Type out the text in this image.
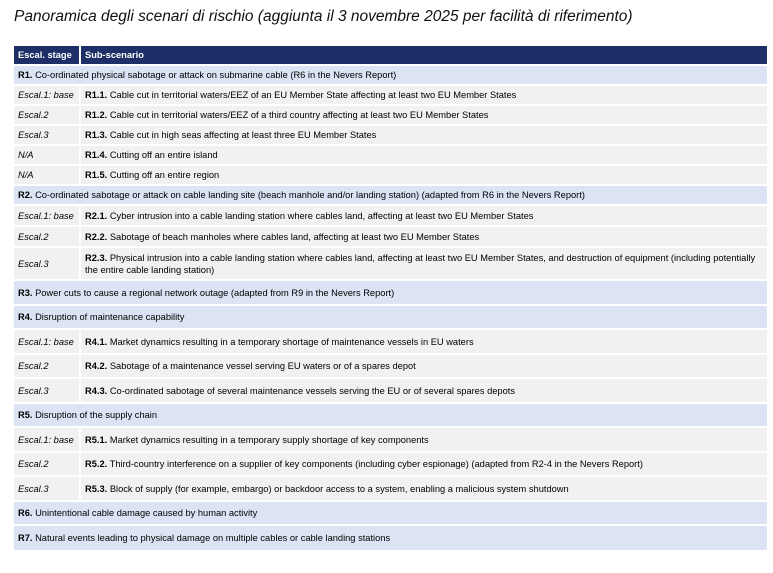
Panoramica degli scenari di rischio (aggiunta il 3 novembre 2025 per facilità di riferimento)
Escal. stage	Sub-scenario
R1. Co-ordinated physical sabotage or attack on submarine cable (R6 in the Nevers Report)	
Escal.1: base	R1.1. Cable cut in territorial waters/EEZ of an EU Member State affecting at least two EU Member States
Escal.2	R1.2. Cable cut in territorial waters/EEZ of a third country affecting at least two EU Member States
Escal.3	R1.3. Cable cut in high seas affecting at least three EU Member States
N/A	R1.4. Cutting off an entire island
N/A	R1.5. Cutting off an entire region
R2. Co-ordinated sabotage or attack on cable landing site (beach manhole and/or landing station) (adapted from R6 in the Nevers Report)	
Escal.1: base	R2.1. Cyber intrusion into a cable landing station where cables land, affecting at least two EU Member States
Escal.2	R2.2. Sabotage of beach manholes where cables land, affecting at least two EU Member States
Escal.3	R2.3. Physical intrusion into a cable landing station where cables land, affecting at least two EU Member States, and destruction of equipment (including potentially the entire cable landing station)
R3. Power cuts to cause a regional network outage (adapted from R9 in the Nevers Report)	
R4. Disruption of maintenance capability	
Escal.1: base	R4.1. Market dynamics resulting in a temporary shortage of maintenance vessels in EU waters
Escal.2	R4.2. Sabotage of a maintenance vessel serving EU waters or of a spares depot
Escal.3	R4.3. Co-ordinated sabotage of several maintenance vessels serving the EU or of several spares depots
R5. Disruption of the supply chain	
Escal.1: base	R5.1. Market dynamics resulting in a temporary supply shortage of key components
Escal.2	R5.2. Third-country interference on a supplier of key components (including cyber espionage) (adapted from R2-4 in the Nevers Report)
Escal.3	R5.3. Block of supply (for example, embargo) or backdoor access to a system, enabling a malicious system shutdown
R6. Unintentional cable damage caused by human activity	
R7. Natural events leading to physical damage on multiple cables or cable landing stations	
